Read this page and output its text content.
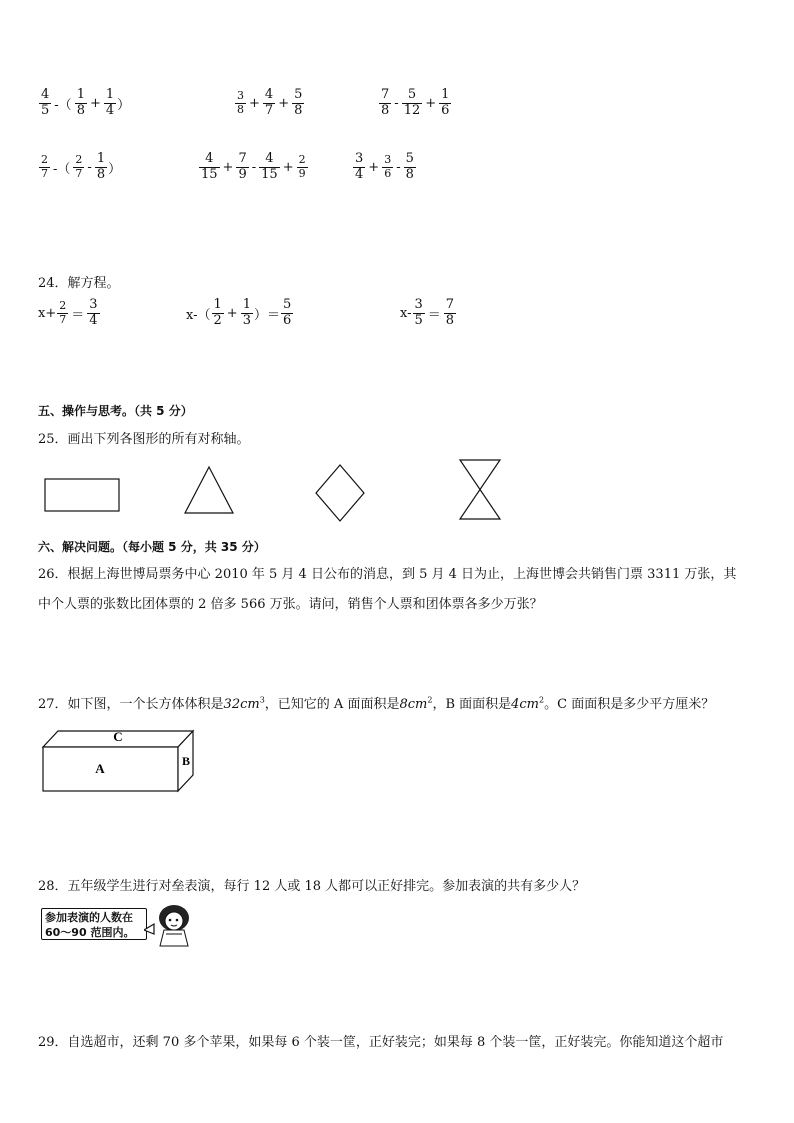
$\frac{4}{5}$ -（ $\frac{1}{8} + \frac{1}{4}$ ）	$\frac{3}{8} + \frac{4}{7} + \frac{5}{8}$	$\frac{7}{8} - \frac{5}{12} + \frac{1}{6}$
$\frac{2}{7}$ -（ $\frac{2}{7} - \frac{1}{8}$ ）	$\frac{4}{15} + \frac{7}{9} - \frac{4}{15} + \frac{2}{9}$	$\frac{3}{4} + \frac{3}{6} - \frac{5}{8}$
24．解方程。
$x+ \frac{2}{7} = \frac{3}{4}$	$x-( \frac{1}{2} + \frac{1}{3}$ ）＝ $\frac{5}{6}$	$x- \frac{3}{5} = \frac{7}{8}$
五、操作与思考。（共 5 分）
25．画出下列各图形的所有对称轴。
六、解决问题。（每小题 5 分，共 35 分）
26．根据上海世博局票务中心 2010 年 5 月 4 日公布的消息，到 5 月 4 日为止，上海世博会共销售门票 3311 万张，其
中个人票的张数比团体票的 2 倍多 566 万张。请问，销售个人票和团体票各多少万张？
27．如下图，一个长方体体积是$32cm^3$，已知它的 A 面面积是$8cm^2$，B 面面积是$4cm^2$。C 面面积是多少平方厘米？
C
A	B
28．五年级学生进行对垒表演，每行 12 人或 18 人都可以正好排完。参加表演的共有多少人？
参加表演的人数在
60～90 范围内。
29．自选超市，还剩 70 多个苹果，如果每 6 个装一筐，正好装完；如果每 8 个装一筐，正好装完。你能知道这个超市
